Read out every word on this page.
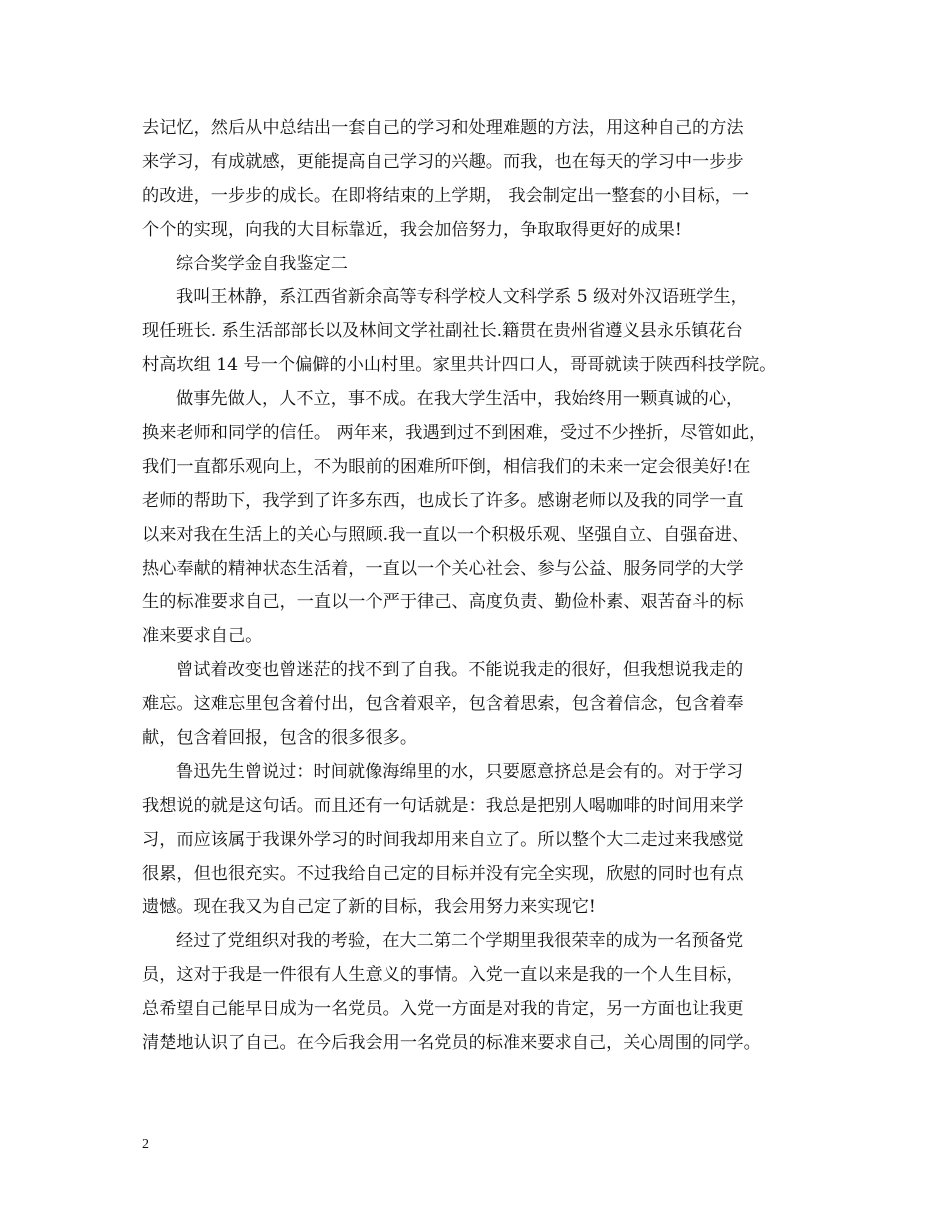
去记忆，然后从中总结出一套自己的学习和处理难题的方法，用这种自己的方法
来学习，有成就感，更能提高自己学习的兴趣。而我，也在每天的学习中一步步
的改进，一步步的成长。在即将结束的上学期， 我会制定出一整套的小目标，一
个个的实现，向我的大目标靠近，我会加倍努力，争取取得更好的成果!
综合奖学金自我鉴定二
我叫王林静，系江西省新余高等专科学校人文科学系 5 级对外汉语班学生，
现任班长. 系生活部部长以及林间文学社副社长.籍贯在贵州省遵义县永乐镇花台
村高坎组 14 号一个偏僻的小山村里。家里共计四口人，哥哥就读于陕西科技学院。
做事先做人，人不立，事不成。在我大学生活中，我始终用一颗真诚的心，
换来老师和同学的信任。 两年来，我遇到过不到困难，受过不少挫折，尽管如此，
我们一直都乐观向上，不为眼前的困难所吓倒，相信我们的未来一定会很美好!在
老师的帮助下，我学到了许多东西，也成长了许多。感谢老师以及我的同学一直
以来对我在生活上的关心与照顾.我一直以一个积极乐观、坚强自立、自强奋进、
热心奉献的精神状态生活着，一直以一个关心社会、参与公益、服务同学的大学
生的标准要求自己，一直以一个严于律己、高度负责、勤俭朴素、艰苦奋斗的标
准来要求自己。
曾试着改变也曾迷茫的找不到了自我。不能说我走的很好，但我想说我走的
难忘。这难忘里包含着付出，包含着艰辛，包含着思索，包含着信念，包含着奉
献，包含着回报，包含的很多很多。
鲁迅先生曾说过：时间就像海绵里的水，只要愿意挤总是会有的。对于学习
我想说的就是这句话。而且还有一句话就是：我总是把别人喝咖啡的时间用来学
习，而应该属于我课外学习的时间我却用来自立了。所以整个大二走过来我感觉
很累，但也很充实。不过我给自己定的目标并没有完全实现，欣慰的同时也有点
遗憾。现在我又为自己定了新的目标，我会用努力来实现它!
经过了党组织对我的考验，在大二第二个学期里我很荣幸的成为一名预备党
员，这对于我是一件很有人生意义的事情。入党一直以来是我的一个人生目标，
总希望自己能早日成为一名党员。入党一方面是对我的肯定，另一方面也让我更
清楚地认识了自己。在今后我会用一名党员的标准来要求自己，关心周围的同学。
2
